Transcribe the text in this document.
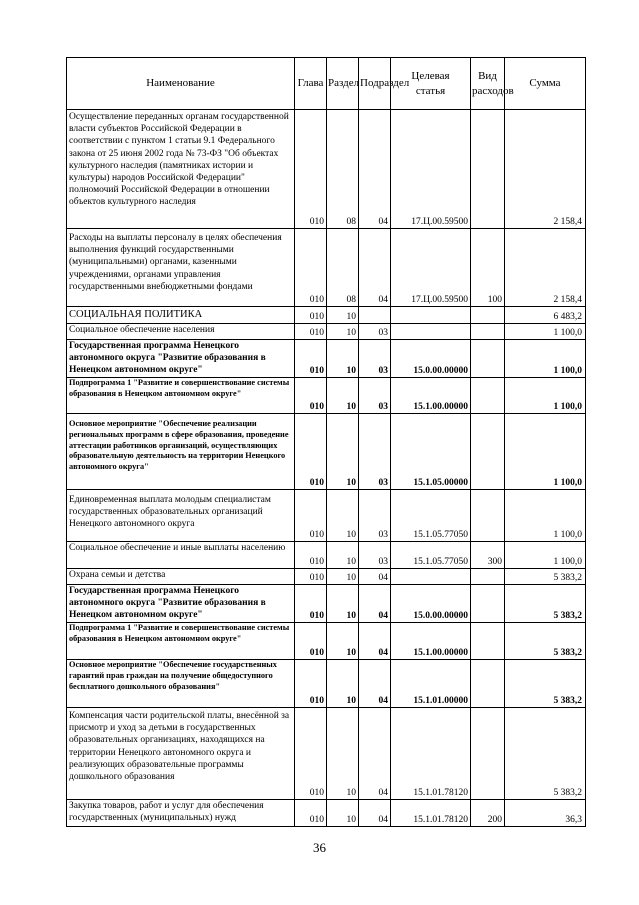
Наименование	Глава	Раздел	Подраздел	Целевая статья	Вид расходов	Сумма
Осуществление переданных органам государственной власти субъектов Российской Федерации в соответствии с пунктом 1 статьи 9.1 Федерального закона от 25 июня 2002 года № 73-ФЗ "Об объектах культурного наследия (памятниках истории и культуры) народов Российской Федерации" полномочий Российской Федерации в отношении объектов культурного наследия	010	08	04	17.Ц.00.59500		2 158,4
Расходы на выплаты персоналу в целях обеспечения выполнения функций государственными (муниципальными) органами, казенными учреждениями, органами управления государственными внебюджетными фондами	010	08	04	17.Ц.00.59500	100	2 158,4
СОЦИАЛЬНАЯ ПОЛИТИКА	010	10				6 483,2
Социальное обеспечение населения	010	10	03			1 100,0
Государственная программа Ненецкого автономного округа "Развитие образования в Ненецком автономном округе"	010	10	03	15.0.00.00000		1 100,0
Подпрограмма 1 "Развитие и совершенствование системы образования в Ненецком автономном округе"	010	10	03	15.1.00.00000		1 100,0
Основное мероприятие "Обеспечение реализации региональных программ в сфере образования, проведение аттестации работников организаций, осуществляющих образовательную деятельность на территории Ненецкого автономного округа"	010	10	03	15.1.05.00000		1 100,0
Единовременная выплата молодым специалистам государственных образовательных организаций Ненецкого автономного округа	010	10	03	15.1.05.77050		1 100,0
Социальное обеспечение и иные выплаты населению	010	10	03	15.1.05.77050	300	1 100,0
Охрана семьи и детства	010	10	04			5 383,2
Государственная программа Ненецкого автономного округа "Развитие образования в Ненецком автономном округе"	010	10	04	15.0.00.00000		5 383,2
Подпрограмма 1 "Развитие и совершенствование системы образования в Ненецком автономном округе"	010	10	04	15.1.00.00000		5 383,2
Основное мероприятие "Обеспечение государственных гарантий прав граждан на получение общедоступного бесплатного дошкольного образования"	010	10	04	15.1.01.00000		5 383,2
Компенсация части родительской платы, внесённой за присмотр и уход за детьми в государственных образовательных организациях, находящихся на территории Ненецкого автономного округа и реализующих образовательные программы дошкольного образования	010	10	04	15.1.01.78120		5 383,2
Закупка товаров, работ и услуг для обеспечения государственных (муниципальных) нужд	010	10	04	15.1.01.78120	200	36,3
36
